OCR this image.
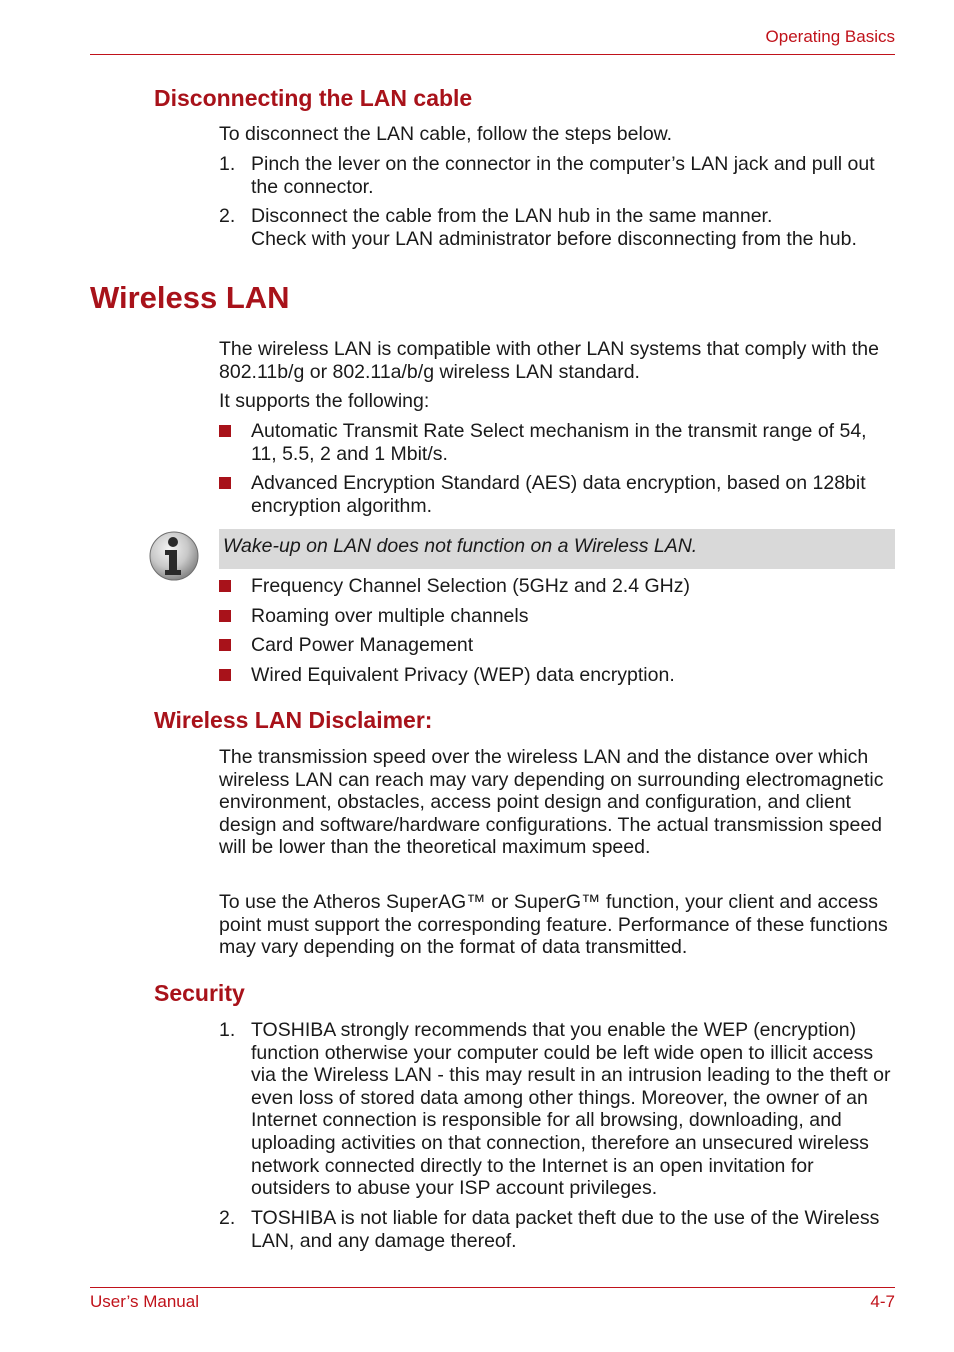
Operating Basics
Disconnecting the LAN cable
To disconnect the LAN cable, follow the steps below.
1. Pinch the lever on the connector in the computer’s LAN jack and pull out the connector.
2. Disconnect the cable from the LAN hub in the same manner.
Check with your LAN administrator before disconnecting from the hub.
Wireless LAN
The wireless LAN is compatible with other LAN systems that comply with the 802.11b/g or 802.11a/b/g wireless LAN standard.
It supports the following:
Automatic Transmit Rate Select mechanism in the transmit range of 54, 11, 5.5, 2 and 1 Mbit/s.
Advanced Encryption Standard (AES) data encryption, based on 128bit encryption algorithm.
Wake-up on LAN does not function on a Wireless LAN.
Frequency Channel Selection (5GHz and 2.4 GHz)
Roaming over multiple channels
Card Power Management
Wired Equivalent Privacy (WEP) data encryption.
Wireless LAN Disclaimer:
The transmission speed over the wireless LAN and the distance over which wireless LAN can reach may vary depending on surrounding electromagnetic environment, obstacles, access point design and configuration, and client design and software/hardware configurations. The actual transmission speed will be lower than the theoretical maximum speed.
To use the Atheros SuperAG™ or SuperG™ function, your client and access point must support the corresponding feature. Performance of these functions may vary depending on the format of data transmitted.
Security
1. TOSHIBA strongly recommends that you enable the WEP (encryption) function otherwise your computer could be left wide open to illicit access via the Wireless LAN - this may result in an intrusion leading to the theft or even loss of stored data among other things. Moreover, the owner of an Internet connection is responsible for all browsing, downloading, and uploading activities on that connection, therefore an unsecured wireless network connected directly to the Internet is an open invitation for outsiders to abuse your ISP account privileges.
2. TOSHIBA is not liable for data packet theft due to the use of the Wireless LAN, and any damage thereof.
User’s Manual	4-7
